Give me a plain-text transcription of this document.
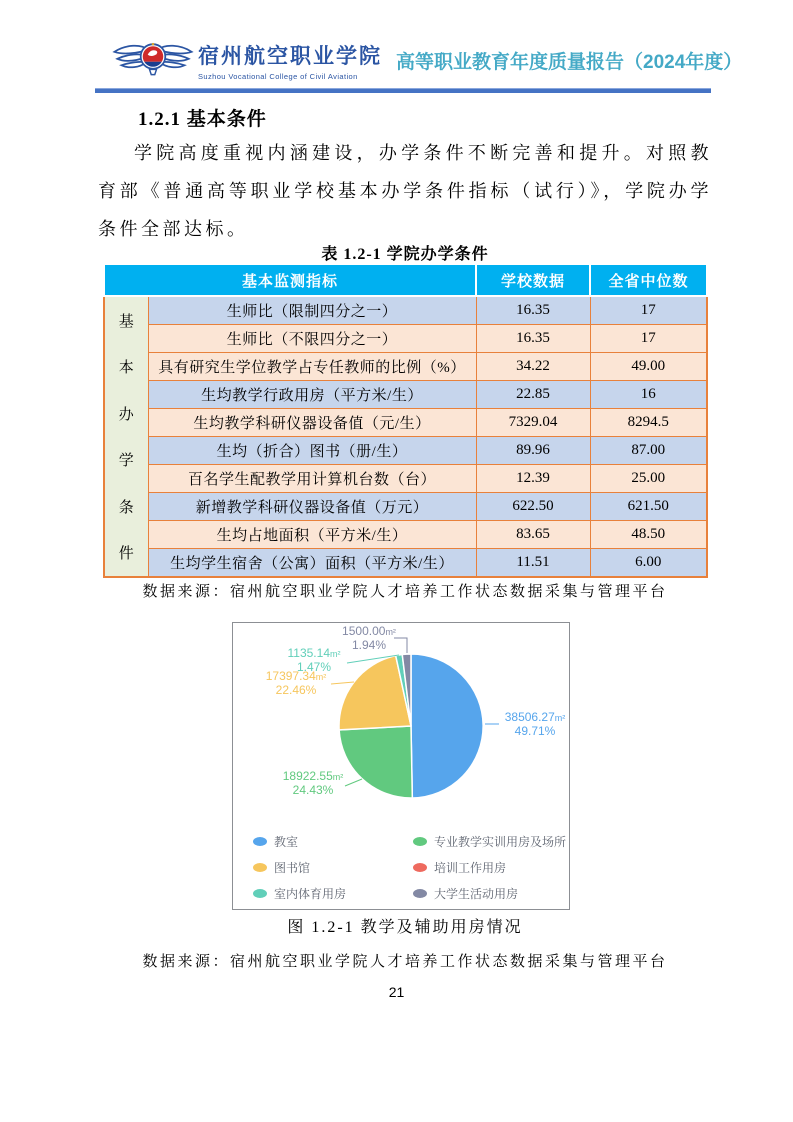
宿州航空职业学院
Suzhou Vocational College of Civil Aviation
高等职业教育年度质量报告（2024年度）
1.2.1 基本条件
学院高度重视内涵建设，办学条件不断完善和提升。对照教育部《普通高等职业学校基本办学条件指标（试行）》，学院办学条件全部达标。
表 1.2-1 学院办学条件
基本监测指标		学校数据	全省中位数

基
本
办
学
条
件
	生师比（限制四分之一）	16.35	17
	生师比（不限四分之一）	16.35	17
	具有研究生学位教学占专任教师的比例（%）	34.22	49.00
	生均教学行政用房（平方米/生）	22.85	16
	生均教学科研仪器设备值（元/生）	7329.04	8294.5
	生均（折合）图书（册/生）	89.96	87.00
	百名学生配教学用计算机台数（台）	12.39	25.00
	新增教学科研仪器设备值（万元）	622.50	621.50
	生均占地面积（平方米/生）	83.65	48.50
	生均学生宿舍（公寓）面积（平方米/生）	11.51	6.00
数据来源：宿州航空职业学院人才培养工作状态数据采集与管理平台
教室	专业教学实训用房及场所
图书馆	培训工作用房
室内体育用房	大学生活动用房
38506.27m²
49.71%
18922.55m²
24.43%
17397.34m²
22.46%
1135.14m²
1.47%
1500.00m²
1.94%
图 1.2-1 教学及辅助用房情况
数据来源：宿州航空职业学院人才培养工作状态数据采集与管理平台
21
